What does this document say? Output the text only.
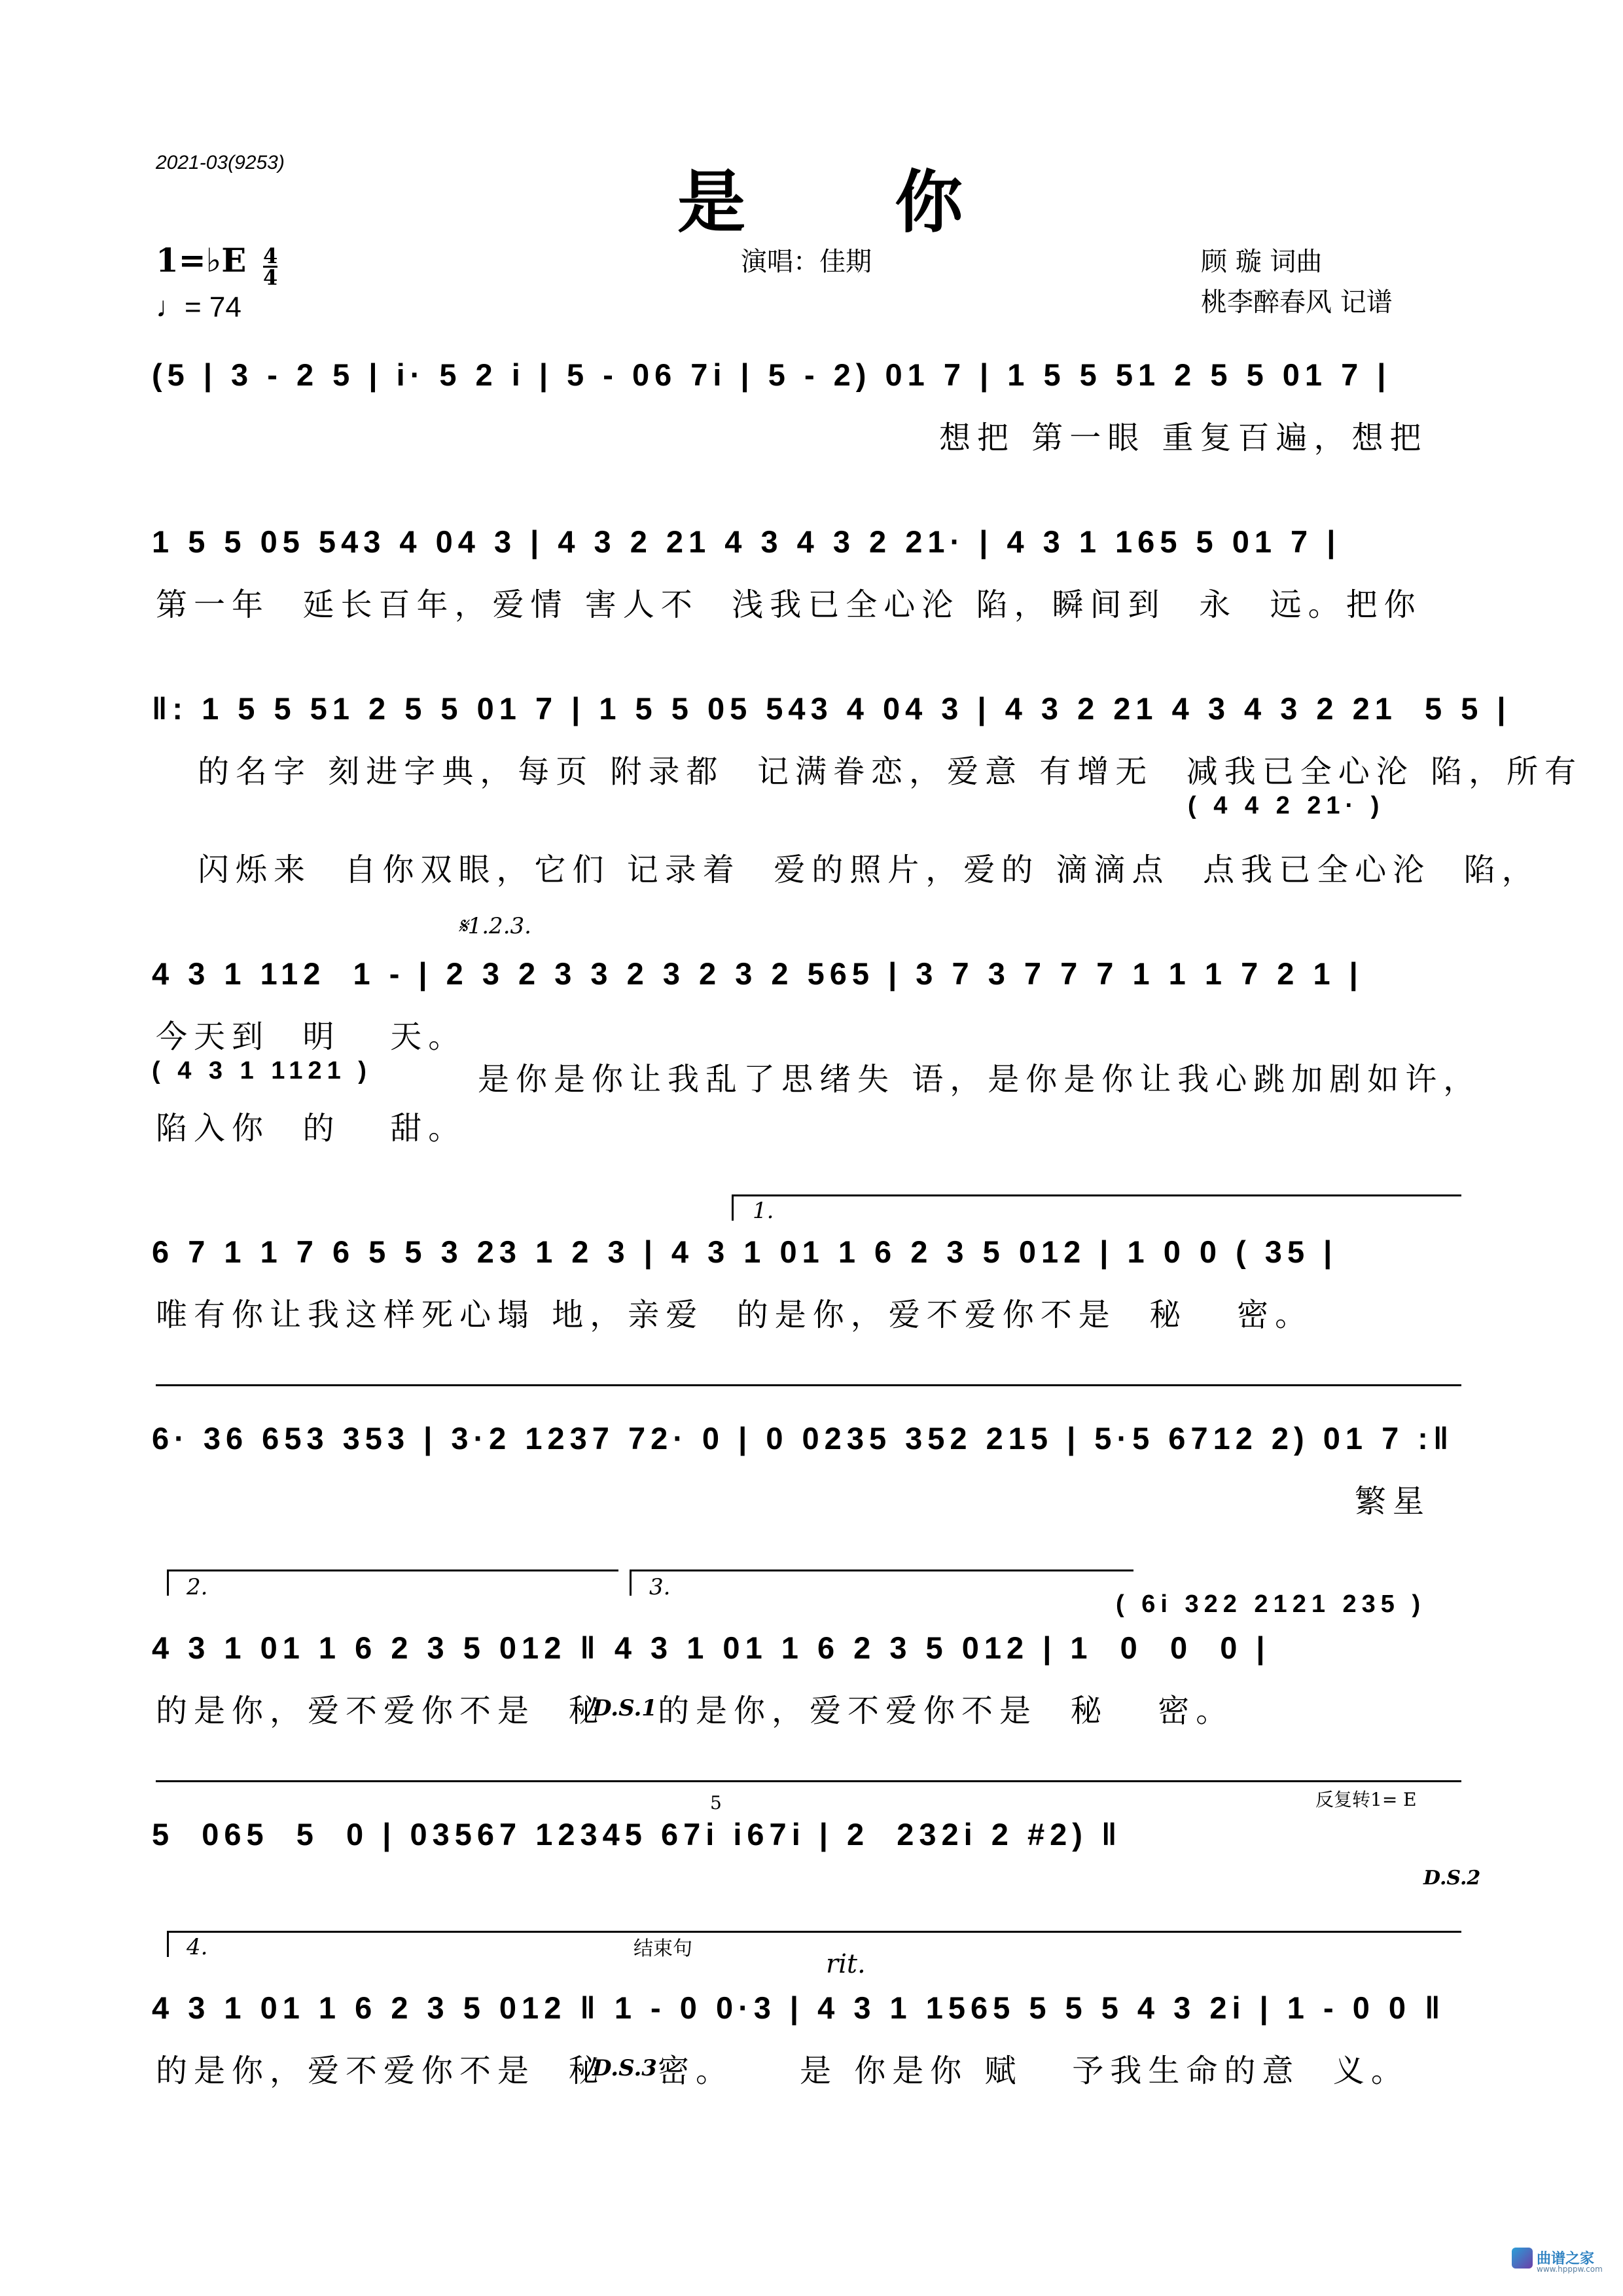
2021-03(9253)	是 你
1=♭E 4
4
♩= 74
演唱：佳期	顾 璇 词曲
桃李醉春风 记谱
(5 | 3 - 2 5 | i· 5 2 i | 5 - 06 7i | 5 - 2) 01 7 | 1 5 5 51 2 5 5 01 7 |
想把 第一眼 重复百遍，想把
1 5 5 05 543 4 04 3 | 4 3 2 21 4 3 4 3 2 21· | 4 3 1 165 5 01 7 |
第一年  延长百年，爱情 害人不  浅我已全心沦 陷，瞬间到  永  远。把你
‖: 1 5 5 51 2 5 5 01 7 | 1 5 5 05 543 4 04 3 | 4 3 2 21 4 3 4 3 2 21  5 5 |
的名字 刻进字典，每页 附录都  记满眷恋，爱意 有增无  减我已全心沦 陷，所有
( 4 4 2 21· )
闪烁来  自你双眼，它们 记录着  爱的照片，爱的 滴滴点  点我已全心沦  陷，
𝄋1.2.3.
4 3 1 112  1 - | 2 3 2 3 3 2 3 2 3 2 565 | 3 7 3 7 7 7 1 1 1 7 2 1 |
今天到  明   天。
是你是你让我乱了思绪失 语，是你是你让我心跳加剧如许，
( 4 3 1 1121 )
陷入你  的   甜。
1.
6 7 1 1 7 6 5 5 3 23 1 2 3 | 4 3 1 01 1 6 2 3 5 012 | 1 0 0 ( 35 |
唯有你让我这样死心塌 地，亲爱  的是你，爱不爱你不是  秘   密。
6· 36 653 353 | 3·2 1237 72· 0 | 0 0235 352 215 | 5·5 6712 2) 01 7 :‖
繁星
2.	3.
( 6i 322 2121 235 )
4 3 1 01 1 6 2 3 5 012 ‖ 4 3 1 01 1 6 2 3 5 012 | 1  0  0  0 |
的是你，爱不爱你不是  秘
D.S.1 的是你，爱不爱你不是  秘   密。
反复转1= E
5
5  065  5  0 | 03567 12345 67i i67i | 2  232i 2 #2) ‖
D.S.2
4.	结束句
rit.
4 3 1 01 1 6 2 3 5 012 ‖ 1 - 0 0·3 | 4 3 1 1565 5 5 5 4 3 2i | 1 - 0 0 ‖
的是你，爱不爱你不是  秘
D.S.3 密。    是 你是你 赋   予我生命的意  义。
曲谱之家
www.hpppw.com
